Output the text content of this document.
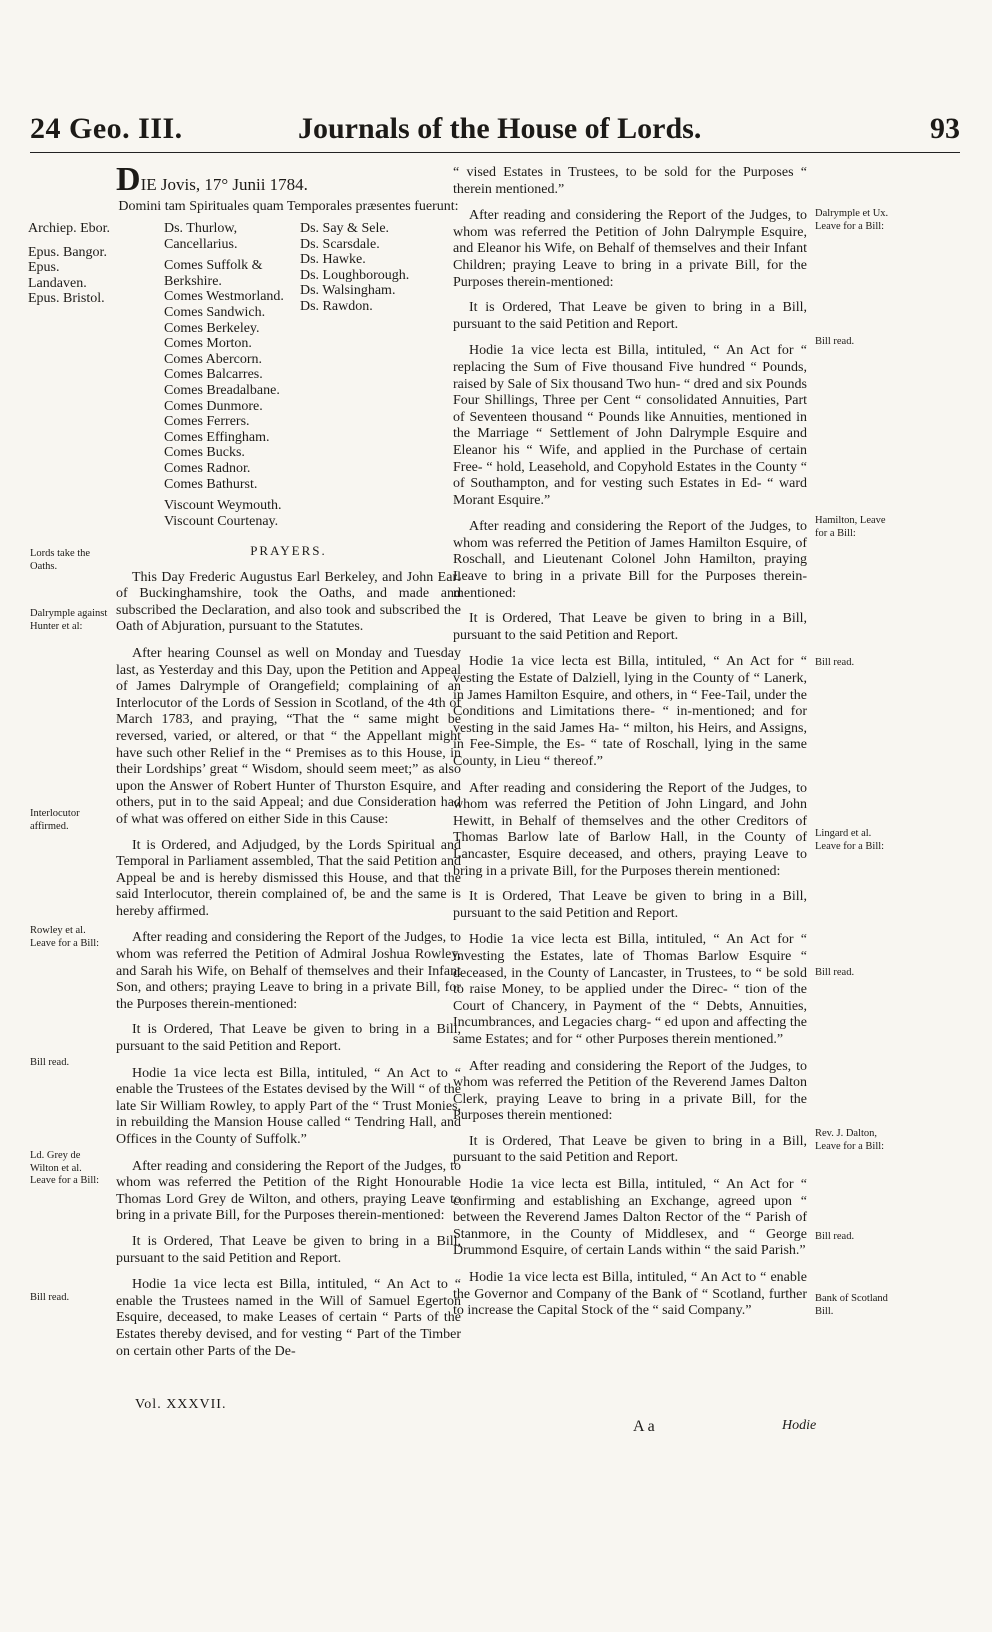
24 Geo. III.	Journals of the House of Lords.	93
DIE Jovis, 17° Junii 1784.
Domini tam Spirituales quam Temporales præsentes fuerunt:
Archiep. Ebor.
Epus. Bangor.
Epus. Landaven.
Epus. Bristol.
Ds. Thurlow, Cancellarius.
Comes Suffolk & Berkshire.
Comes Westmorland.
Comes Sandwich.
Comes Berkeley.
Comes Morton.
Comes Abercorn.
Comes Balcarres.
Comes Breadalbane.
Comes Dunmore.
Comes Ferrers.
Comes Effingham.
Comes Bucks.
Comes Radnor.
Comes Bathurst.
Viscount Weymouth.
Viscount Courtenay.
Ds. Say & Sele.
Ds. Scarsdale.
Ds. Hawke.
Ds. Loughborough.
Ds. Walsingham.
Ds. Rawdon.
PRAYERS.

This Day Frederic Augustus Earl Berkeley, and John Earl of Buckinghamshire, took the Oaths, and made and subscribed the Declaration, and also took and subscribed the Oath of Abjuration, pursuant to the Statutes.

After hearing Counsel as well on Monday and Tuesday last, as Yesterday and this Day, upon the Petition and Appeal of James Dalrymple of Orangefield; complaining of an Interlocutor of the Lords of Session in Scotland, of the 4th of March 1783, and praying, “That the “ same might be reversed, varied, or altered, or that “ the Appellant might have such other Relief in the “ Premises as to this House, in their Lordships’ great “ Wisdom, should seem meet;” as also upon the Answer of Robert Hunter of Thurston Esquire, and others, put in to the said Appeal; and due Consideration had of what was offered on either Side in this Cause:

It is Ordered, and Adjudged, by the Lords Spiritual and Temporal in Parliament assembled, That the said Petition and Appeal be and is hereby dismissed this House, and that the said Interlocutor, therein complained of, be and the same is hereby affirmed.

After reading and considering the Report of the Judges, to whom was referred the Petition of Admiral Joshua Rowley, and Sarah his Wife, on Behalf of themselves and their Infant Son, and others; praying Leave to bring in a private Bill, for the Purposes therein-mentioned:

It is Ordered, That Leave be given to bring in a Bill, pursuant to the said Petition and Report.

Hodie 1a vice lecta est Billa, intituled, “ An Act to “ enable the Trustees of the Estates devised by the Will “ of the late Sir William Rowley, to apply Part of the “ Trust Monies, in rebuilding the Mansion House called “ Tendring Hall, and Offices in the County of Suffolk.”

After reading and considering the Report of the Judges, to whom was referred the Petition of the Right Honourable Thomas Lord Grey de Wilton, and others, praying Leave to bring in a private Bill, for the Purposes therein-mentioned:

It is Ordered, That Leave be given to bring in a Bill, pursuant to the said Petition and Report.

Hodie 1a vice lecta est Billa, intituled, “ An Act to “ enable the Trustees named in the Will of Samuel Egerton Esquire, deceased, to make Leases of certain “ Parts of the Estates thereby devised, and for vesting “ Part of the Timber on certain other Parts of the De-

“ vised Estates in Trustees, to be sold for the Purposes “ therein mentioned.”

After reading and considering the Report of the Judges, to whom was referred the Petition of John Dalrymple Esquire, and Eleanor his Wife, on Behalf of themselves and their Infant Children; praying Leave to bring in a private Bill, for the Purposes therein-mentioned:

It is Ordered, That Leave be given to bring in a Bill, pursuant to the said Petition and Report.

Hodie 1a vice lecta est Billa, intituled, “ An Act for “ replacing the Sum of Five thousand Five hundred “ Pounds, raised by Sale of Six thousand Two hun- “ dred and six Pounds Four Shillings, Three per Cent “ consolidated Annuities, Part of Seventeen thousand “ Pounds like Annuities, mentioned in the Marriage “ Settlement of John Dalrymple Esquire and Eleanor his “ Wife, and applied in the Purchase of certain Free- “ hold, Leasehold, and Copyhold Estates in the County “ of Southampton, and for vesting such Estates in Ed- “ ward Morant Esquire.”

After reading and considering the Report of the Judges, to whom was referred the Petition of James Hamilton Esquire, of Roschall, and Lieutenant Colonel John Hamilton, praying Leave to bring in a private Bill for the Purposes therein-mentioned:

It is Ordered, That Leave be given to bring in a Bill, pursuant to the said Petition and Report.

Hodie 1a vice lecta est Billa, intituled, “ An Act for “ vesting the Estate of Dalziell, lying in the County of “ Lanerk, in James Hamilton Esquire, and others, in “ Fee-Tail, under the Conditions and Limitations there- “ in-mentioned; and for vesting in the said James Ha- “ milton, his Heirs, and Assigns, in Fee-Simple, the Es- “ tate of Roschall, lying in the same County, in Lieu “ thereof.”

After reading and considering the Report of the Judges, to whom was referred the Petition of John Lingard, and John Hewitt, in Behalf of themselves and the other Creditors of Thomas Barlow late of Barlow Hall, in the County of Lancaster, Esquire deceased, and others, praying Leave to bring in a private Bill, for the Purposes therein mentioned:

It is Ordered, That Leave be given to bring in a Bill, pursuant to the said Petition and Report.

Hodie 1a vice lecta est Billa, intituled, “ An Act for “ investing the Estates, late of Thomas Barlow Esquire “ deceased, in the County of Lancaster, in Trustees, to “ be sold to raise Money, to be applied under the Direc- “ tion of the Court of Chancery, in Payment of the “ Debts, Annuities, Incumbrances, and Legacies charg- “ ed upon and affecting the same Estates; and for “ other Purposes therein mentioned.”

After reading and considering the Report of the Judges, to whom was referred the Petition of the Reverend James Dalton Clerk, praying Leave to bring in a private Bill, for the Purposes therein mentioned:

It is Ordered, That Leave be given to bring in a Bill, pursuant to the said Petition and Report.

Hodie 1a vice lecta est Billa, intituled, “ An Act for “ confirming and establishing an Exchange, agreed upon “ between the Reverend James Dalton Rector of the “ Parish of Stanmore, in the County of Middlesex, and “ George Drummond Esquire, of certain Lands within “ the said Parish.”

Hodie 1a vice lecta est Billa, intituled, “ An Act to “ enable the Governor and Company of the Bank of “ Scotland, further to increase the Capital Stock of the “ said Company.”

Lords take the Oaths.
Dalrymple against Hunter et al:
Interlocutor affirmed.
Rowley et al. Leave for a Bill:
Bill read.
Ld. Grey de Wilton et al. Leave for a Bill:
Bill read.
Dalrymple et Ux. Leave for a Bill:
Bill read.
Hamilton, Leave for a Bill:
Bill read.
Lingard et al. Leave for a Bill:
Bill read.
Rev. J. Dalton, Leave for a Bill:
Bill read.
Bank of Scotland Bill.
Vol. XXXVII.
A a	Hodie
